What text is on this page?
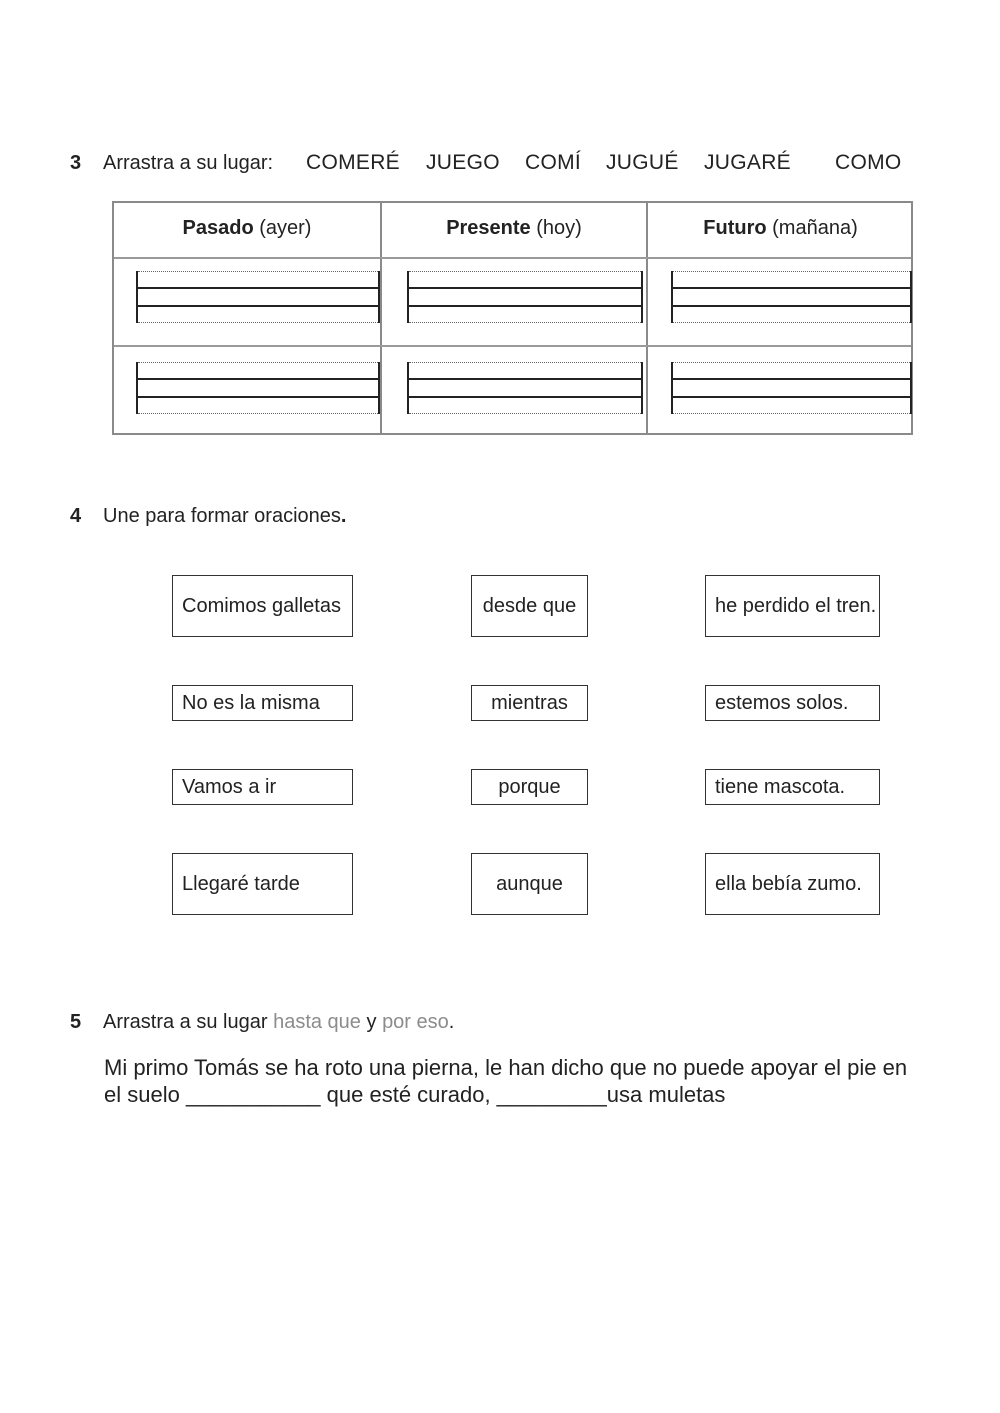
3 Arrastra a su lugar: COMERÉ JUEGO COMÍ JUGUÉ JUGARÉ COMO
Pasado (ayer)	Presente (hoy)	Futuro (mañana)
4 Une para formar oraciones.
Comimos galletas
No es la misma
Vamos a ir
Llegaré tarde
desde que
mientras
porque
aunque
he perdido el tren.
estemos solos.
tiene mascota.
ella bebía zumo.
5 Arrastra a su lugar hasta que y por eso.
Mi primo Tomás se ha roto una pierna, le han dicho que no puede apoyar el pie en el suelo ___________ que esté curado, _________usa muletas
